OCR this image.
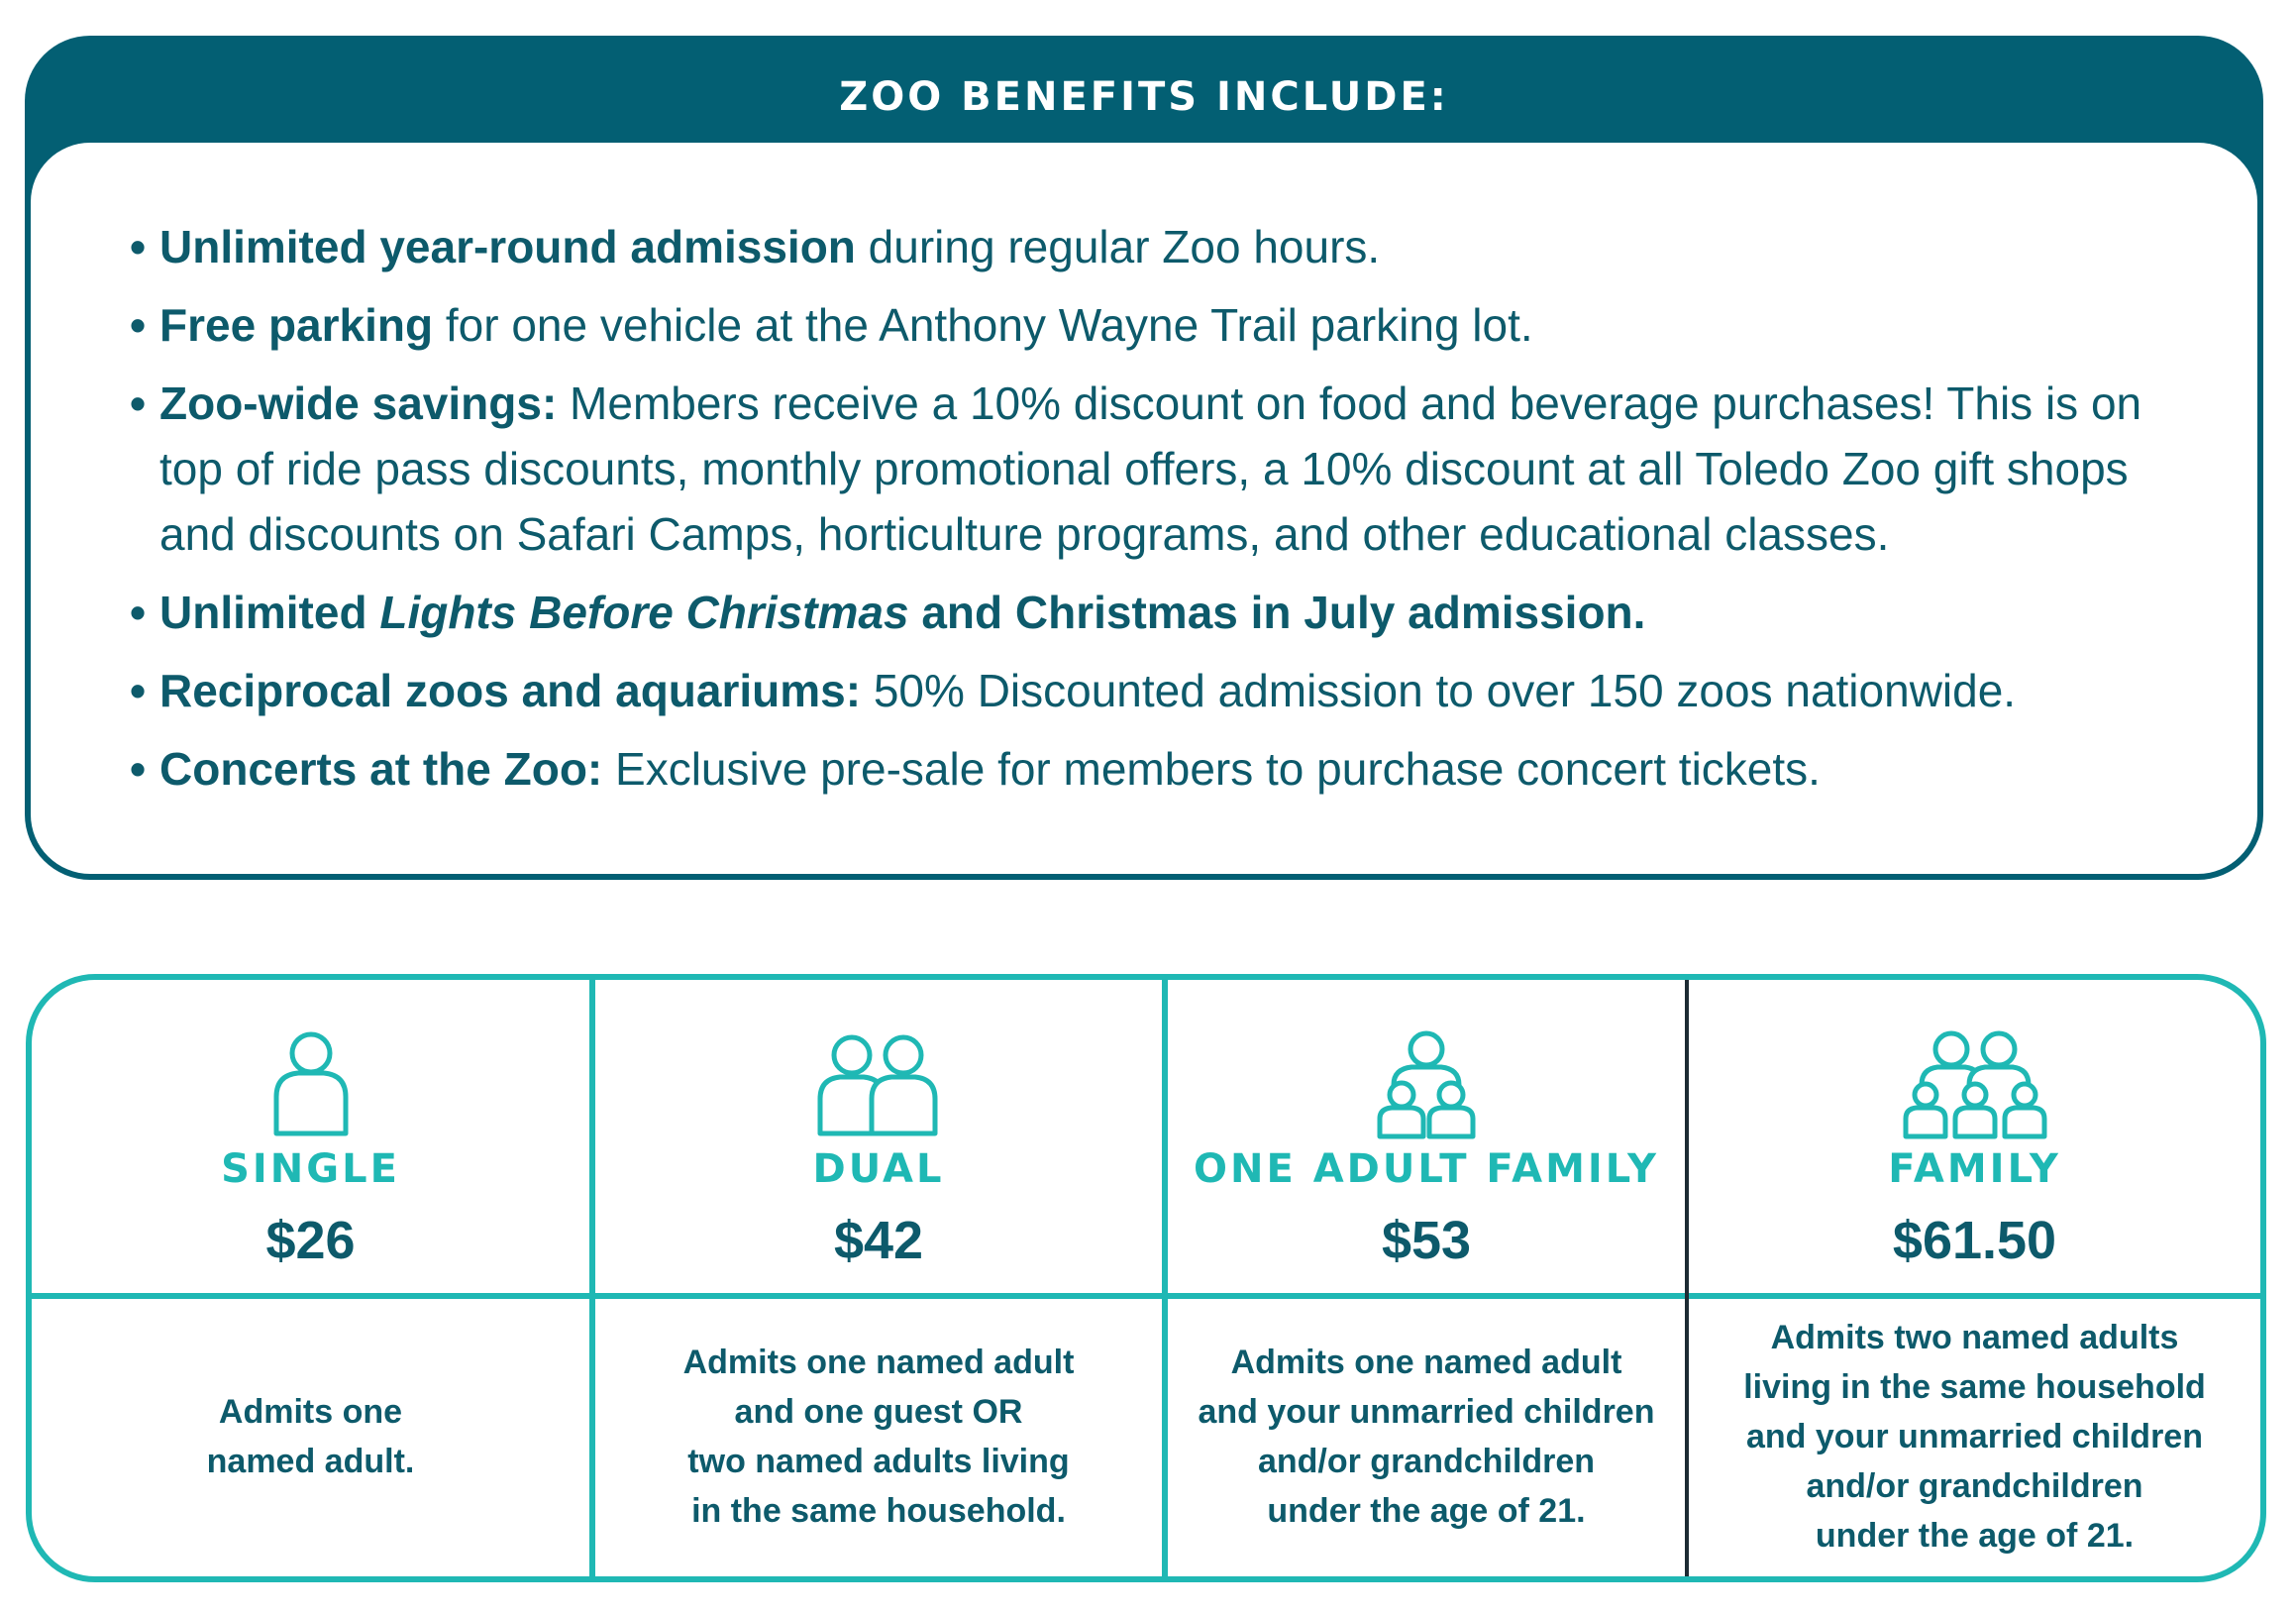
ZOO BENEFITS INCLUDE:
• Unlimited year-round admission during regular Zoo hours.
• Free parking for one vehicle at the Anthony Wayne Trail parking lot.
• Zoo-wide savings: Members receive a 10% discount on food and beverage purchases! This is on top of ride pass discounts, monthly promotional offers, a 10% discount at all Toledo Zoo gift shops and discounts on Safari Camps, horticulture programs, and other educational classes.
• Unlimited Lights Before Christmas and Christmas in July admission.
• Reciprocal zoos and aquariums: 50% Discounted admission to over 150 zoos nationwide.
• Concerts at the Zoo: Exclusive pre-sale for members to purchase concert tickets.
SINGLE
$26
Admits one
named adult.
DUAL
$42
Admits one named adult
and one guest OR
two named adults living
in the same household.
ONE ADULT FAMILY
$53
Admits one named adult
and your unmarried children
and/or grandchildren
under the age of 21.
FAMILY
$61.50
Admits two named adults
living in the same household
and your unmarried children
and/or grandchildren
under the age of 21.
